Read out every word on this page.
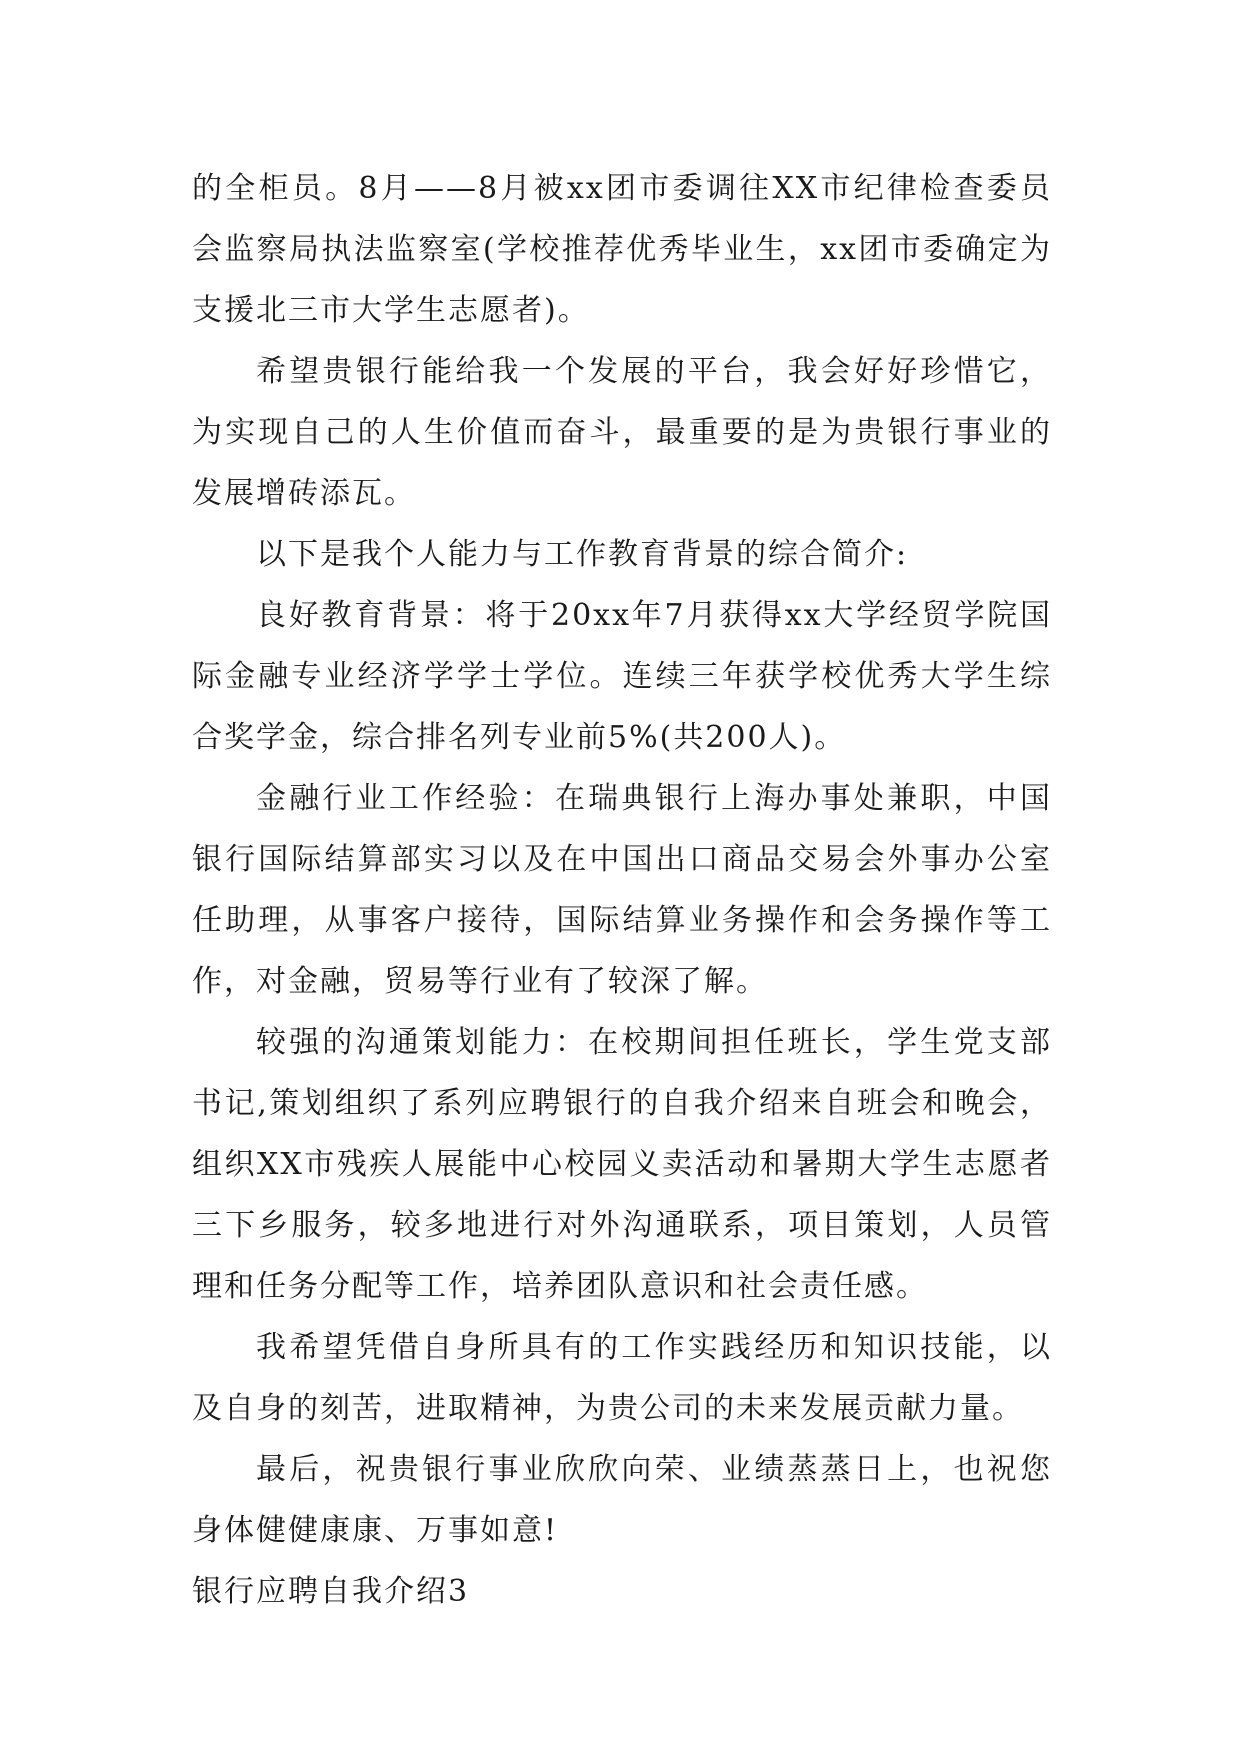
的全柜员。8月——8月被xx团市委调往XX市纪律检查委员会监察局执法监察室(学校推荐优秀毕业生，xx团市委确定为支援北三市大学生志愿者)。

希望贵银行能给我一个发展的平台，我会好好珍惜它，为实现自己的人生价值而奋斗，最重要的是为贵银行事业的发展增砖添瓦。

以下是我个人能力与工作教育背景的综合简介:

良好教育背景：将于20xx年7月获得xx大学经贸学院国际金融专业经济学学士学位。连续三年获学校优秀大学生综合奖学金，综合排名列专业前5%(共200人)。

金融行业工作经验：在瑞典银行上海办事处兼职，中国银行国际结算部实习以及在中国出口商品交易会外事办公室任助理，从事客户接待，国际结算业务操作和会务操作等工作，对金融，贸易等行业有了较深了解。

较强的沟通策划能力：在校期间担任班长，学生党支部书记,策划组织了系列应聘银行的自我介绍来自班会和晚会，组织XX市残疾人展能中心校园义卖活动和暑期大学生志愿者三下乡服务，较多地进行对外沟通联系，项目策划，人员管理和任务分配等工作，培养团队意识和社会责任感。

我希望凭借自身所具有的工作实践经历和知识技能，以及自身的刻苦，进取精神，为贵公司的未来发展贡献力量。

最后，祝贵银行事业欣欣向荣、业绩蒸蒸日上，也祝您身体健健康康、万事如意!

银行应聘自我介绍3
